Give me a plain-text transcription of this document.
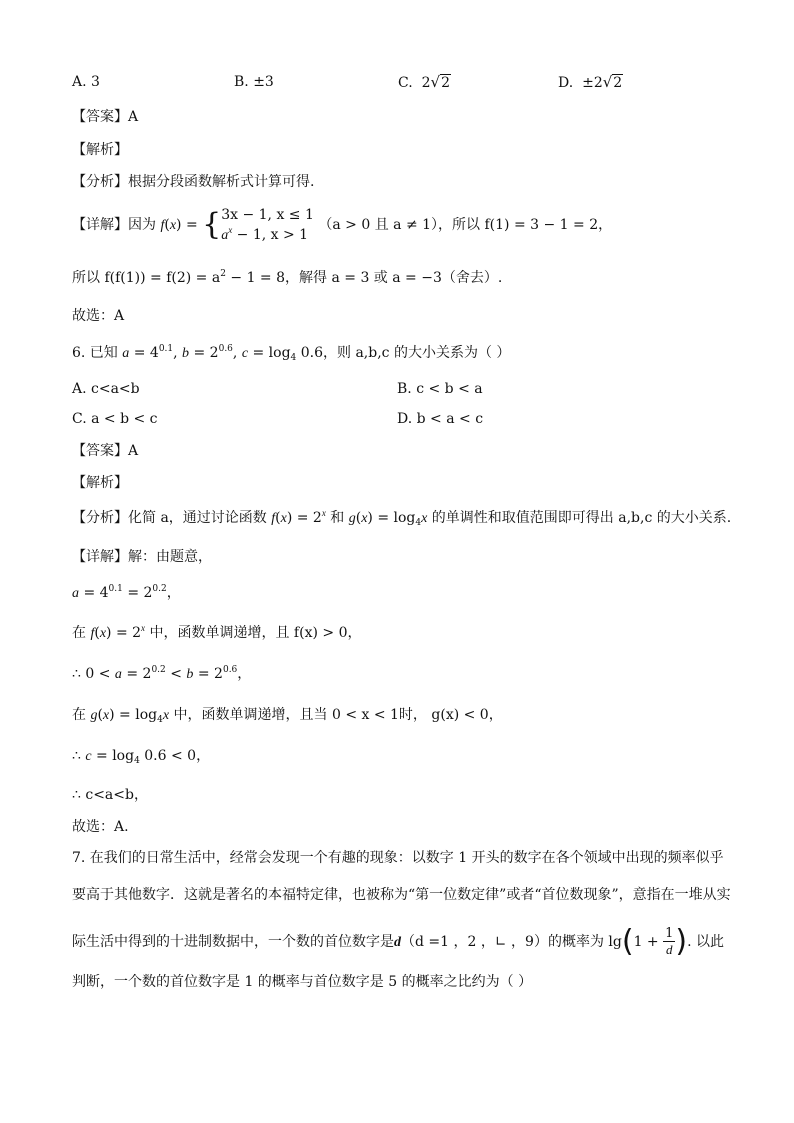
A. 3	B. ±3	C. 2√2	D. ±2√2
【答案】A
【解析】
【分析】根据分段函数解析式计算可得.
【详解】因为 f(x) = { 3x − 1, x ≤ 1
$a^x - 1$, x > 1
（a > 0 且 a ≠ 1），所以 f(1) = 3 − 1 = 2，
所以 $f(f(1)) = f(2) = a^2 - 1 = 8$，解得 a = 3 或 a = −3（舍去）.
故选：A
6. 已知 $a = 4^{0.1}$, $b = 2^{0.6}$, $c = \log_4 0.6$，则 a,b,c 的大小关系为（ ）
A. c<a<b	B. c < b < a
C. a < b < c	D. b < a < c
【答案】A
【解析】
【分析】化简 a，通过讨论函数 $f(x) = 2^x$ 和 $g(x) = \log_4x$ 的单调性和取值范围即可得出 a,b,c 的大小关系.
【详解】解：由题意，
$a = 4^{0.1} = 2^{0.2}$，
在 $f(x) = 2^x$ 中，函数单调递增，且 f(x) > 0，
∴ $0 < a = 2^{0.2} < b = 2^{0.6}$，
在 $g(x) = \log_4x$ 中，函数单调递增，且当 0 < x < 1时， g(x) < 0，
∴ $c = \log_4 0.6 < 0$，
∴ c<a<b，
故选：A.
7. 在我们的日常生活中，经常会发现一个有趣的现象：以数字 1 开头的数字在各个领域中出现的频率似乎
要高于其他数字．这就是著名的本福特定律，也被称为“第一位数定律”或者“首位数现象”，意指在一堆从实
际生活中得到的十进制数据中，一个数的首位数字是d（d =1 ，2 ，∟ ，9）的概率为 $\lg(1 + \frac{1}{d}$ ). 以此
判断，一个数的首位数字是 1 的概率与首位数字是 5 的概率之比约为（ ）
